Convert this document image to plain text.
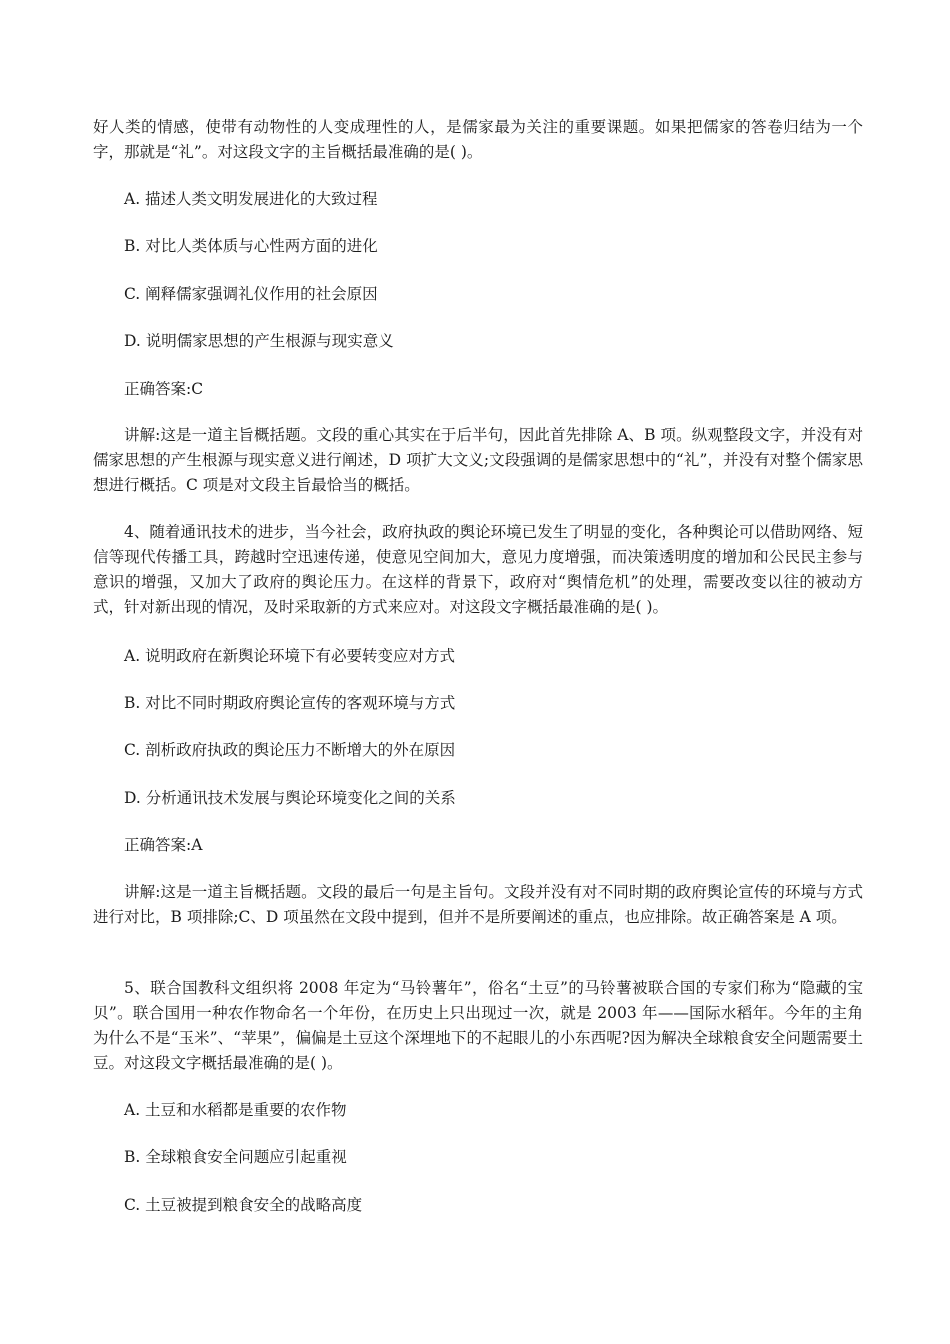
好人类的情感，使带有动物性的人变成理性的人，是儒家最为关注的重要课题。如果把儒家的答卷归结为一个字，那就是“礼”。对这段文字的主旨概括最准确的是( )。

A. 描述人类文明发展进化的大致过程

B. 对比人类体质与心性两方面的进化

C. 阐释儒家强调礼仪作用的社会原因

D. 说明儒家思想的产生根源与现实意义

正确答案:C

讲解:这是一道主旨概括题。文段的重心其实在于后半句，因此首先排除 A、B 项。纵观整段文字，并没有对儒家思想的产生根源与现实意义进行阐述，D 项扩大文义;文段强调的是儒家思想中的“礼”，并没有对整个儒家思想进行概括。C 项是对文段主旨最恰当的概括。

4、随着通讯技术的进步，当今社会，政府执政的舆论环境已发生了明显的变化，各种舆论可以借助网络、短信等现代传播工具，跨越时空迅速传递，使意见空间加大，意见力度增强，而决策透明度的增加和公民民主参与意识的增强，又加大了政府的舆论压力。在这样的背景下，政府对“舆情危机”的处理，需要改变以往的被动方式，针对新出现的情况，及时采取新的方式来应对。对这段文字概括最准确的是( )。

A. 说明政府在新舆论环境下有必要转变应对方式

B. 对比不同时期政府舆论宣传的客观环境与方式

C. 剖析政府执政的舆论压力不断增大的外在原因

D. 分析通讯技术发展与舆论环境变化之间的关系

正确答案:A

讲解:这是一道主旨概括题。文段的最后一句是主旨句。文段并没有对不同时期的政府舆论宣传的环境与方式进行对比，B 项排除;C、D 项虽然在文段中提到，但并不是所要阐述的重点，也应排除。故正确答案是 A 项。

5、联合国教科文组织将 2008 年定为“马铃薯年”，俗名“土豆”的马铃薯被联合国的专家们称为“隐藏的宝贝”。联合国用一种农作物命名一个年份，在历史上只出现过一次，就是 2003 年——国际水稻年。今年的主角为什么不是“玉米”、“苹果”，偏偏是土豆这个深埋地下的不起眼儿的小东西呢?因为解决全球粮食安全问题需要土豆。对这段文字概括最准确的是( )。

A. 土豆和水稻都是重要的农作物

B. 全球粮食安全问题应引起重视

C. 土豆被提到粮食安全的战略高度
